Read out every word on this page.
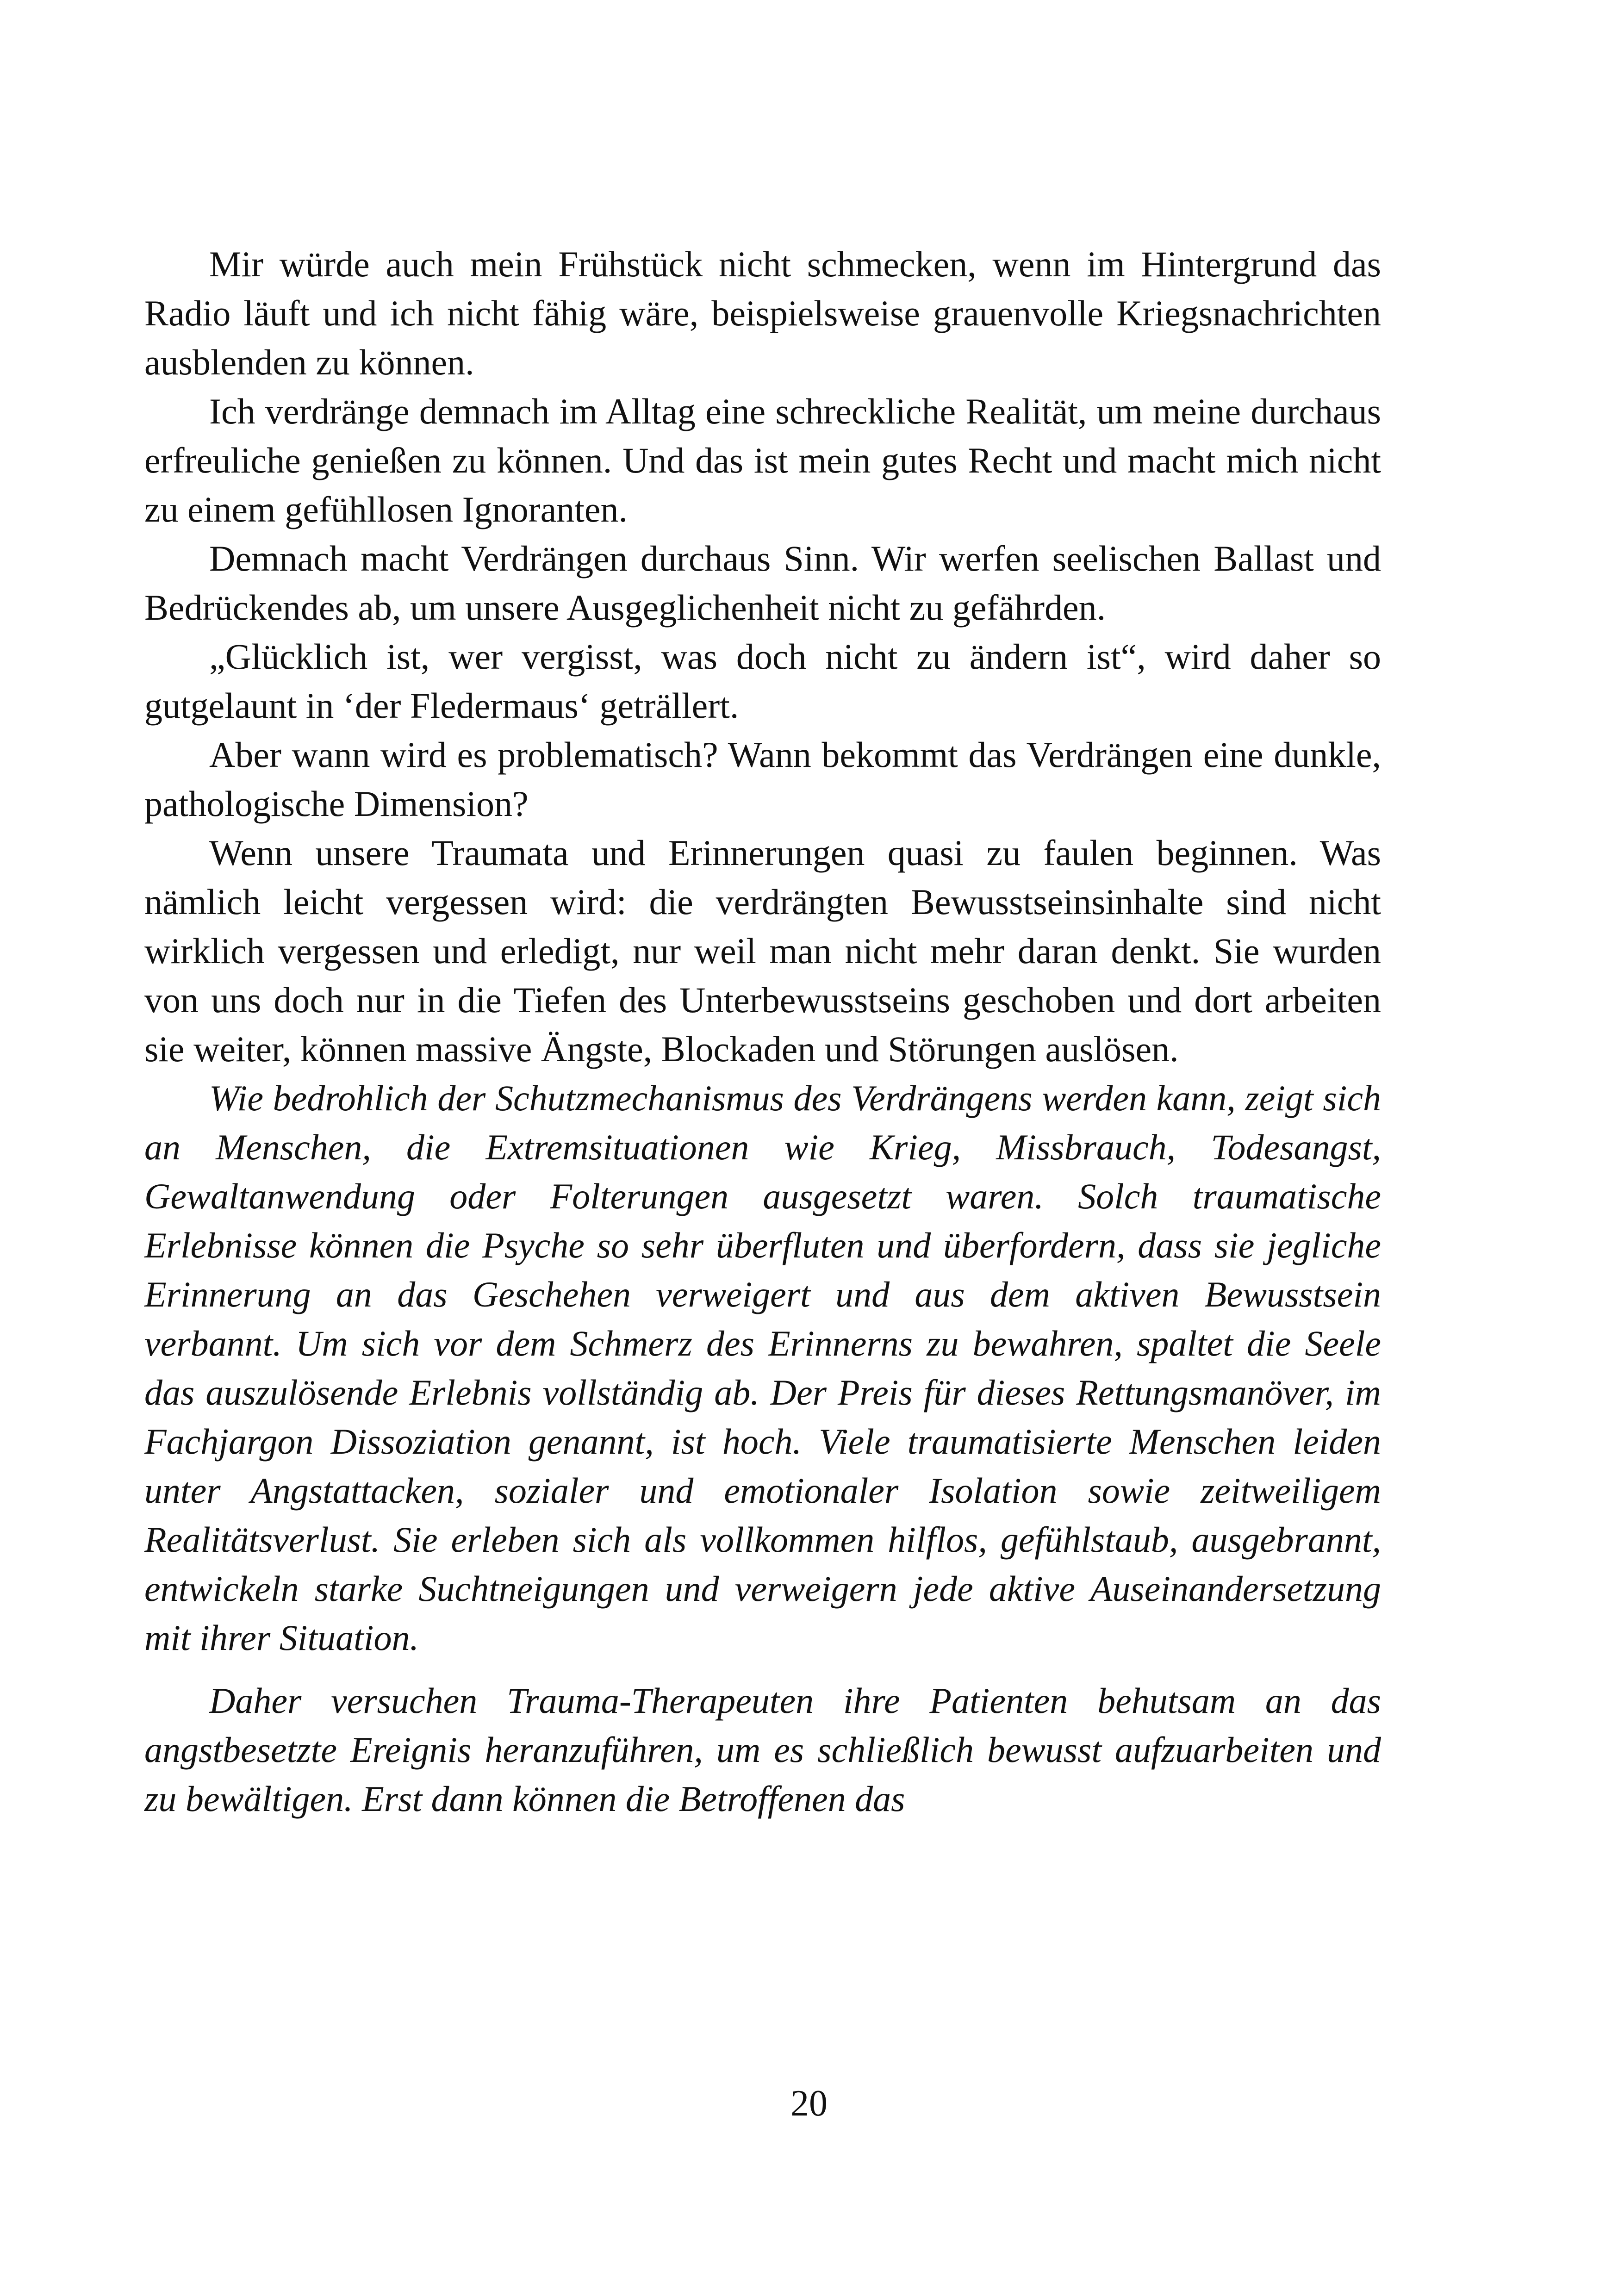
Mir würde auch mein Frühstück nicht schmecken, wenn im Hintergrund das Radio läuft und ich nicht fähig wäre, beispielsweise grauenvolle Kriegsnachrichten ausblenden zu können.

Ich verdränge demnach im Alltag eine schreckliche Realität, um meine durchaus erfreuliche genießen zu können. Und das ist mein gutes Recht und macht mich nicht zu einem gefühllosen Ignoranten.

Demnach macht Verdrängen durchaus Sinn. Wir werfen seelischen Ballast und Bedrückendes ab, um unsere Ausgeglichenheit nicht zu gefährden.

„Glücklich ist, wer vergisst, was doch nicht zu ändern ist“, wird daher so gutgelaunt in ‘der Fledermaus‘ geträllert.

Aber wann wird es problematisch? Wann bekommt das Verdrängen eine dunkle, pathologische Dimension?

Wenn unsere Traumata und Erinnerungen quasi zu faulen beginnen. Was nämlich leicht vergessen wird: die verdrängten Bewusstseinsinhalte sind nicht wirklich vergessen und erledigt, nur weil man nicht mehr daran denkt. Sie wurden von uns doch nur in die Tiefen des Unterbewusstseins geschoben und dort arbeiten sie weiter, können massive Ängste, Blockaden und Störungen auslösen.

Wie bedrohlich der Schutzmechanismus des Verdrängens werden kann, zeigt sich an Menschen, die Extremsituationen wie Krieg, Missbrauch, Todesangst, Gewaltanwendung oder Folterungen ausgesetzt waren. Solch traumatische Erlebnisse können die Psyche so sehr überfluten und überfordern, dass sie jegliche Erinnerung an das Geschehen verweigert und aus dem aktiven Bewusstsein verbannt. Um sich vor dem Schmerz des Erinnerns zu bewahren, spaltet die Seele das auszulösende Erlebnis vollständig ab. Der Preis für dieses Rettungsmanöver, im Fachjargon Dissoziation genannt, ist hoch. Viele traumatisierte Menschen leiden unter Angstattacken, sozialer und emotionaler Isolation sowie zeitweiligem Realitätsverlust. Sie erleben sich als vollkommen hilflos, gefühlstaub, ausgebrannt, entwickeln starke Suchtneigungen und verweigern jede aktive Auseinandersetzung mit ihrer Situation.

Daher versuchen Trauma-Therapeuten ihre Patienten behutsam an das angstbesetzte Ereignis heranzuführen, um es schließlich bewusst aufzuarbeiten und zu bewältigen. Erst dann können die Betroffenen das

20
